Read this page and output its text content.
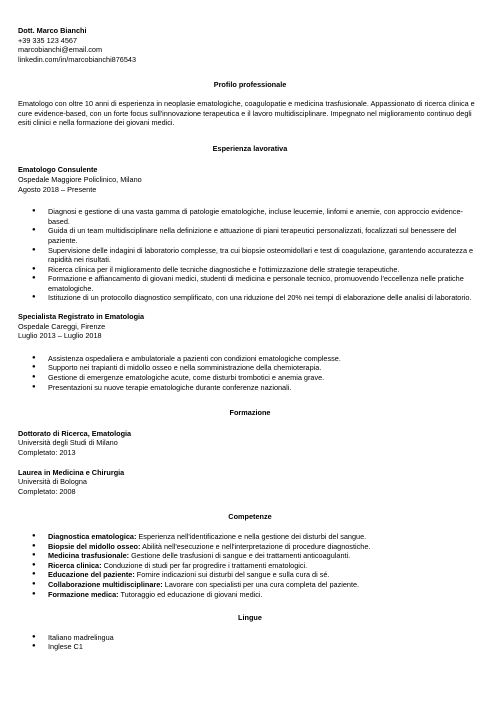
Dott. Marco Bianchi

+39 335 123 4567

marcobianchi@email.com

linkedin.com/in/marcobianchi876543

Profilo professionale

Ematologo con oltre 10 anni di esperienza in neoplasie ematologiche, coagulopatie e medicina trasfusionale. Appassionato di ricerca clinica e cure evidence-based, con un forte focus sull'innovazione terapeutica e il lavoro multidisciplinare. Impegnato nel miglioramento continuo degli esiti clinici e nella formazione dei giovani medici.

Esperienza lavorativa

Ematologo Consulente

Ospedale Maggiore Policlinico, Milano

Agosto 2018 – Presente

● Diagnosi e gestione di una vasta gamma di patologie ematologiche, incluse leucemie, linfomi e anemie, con approccio evidence-based.
● Guida di un team multidisciplinare nella definizione e attuazione di piani terapeutici personalizzati, focalizzati sul benessere del paziente.
● Supervisione delle indagini di laboratorio complesse, tra cui biopsie osteomidollari e test di coagulazione, garantendo accuratezza e rapidità nei risultati.
● Ricerca clinica per il miglioramento delle tecniche diagnostiche e l'ottimizzazione delle strategie terapeutiche.
● Formazione e affiancamento di giovani medici, studenti di medicina e personale tecnico, promuovendo l'eccellenza nelle pratiche ematologiche.
● Istituzione di un protocollo diagnostico semplificato, con una riduzione del 20% nei tempi di elaborazione delle analisi di laboratorio.

Specialista Registrato in Ematologia

Ospedale Careggi, Firenze

Luglio 2013 – Luglio 2018

● Assistenza ospedaliera e ambulatoriale a pazienti con condizioni ematologiche complesse.
● Supporto nei trapianti di midollo osseo e nella somministrazione della chemioterapia.
● Gestione di emergenze ematologiche acute, come disturbi trombotici e anemia grave.
● Presentazioni su nuove terapie ematologiche durante conferenze nazionali.

Formazione

Dottorato di Ricerca, Ematologia

Università degli Studi di Milano

Completato: 2013

Laurea in Medicina e Chirurgia

Università di Bologna

Completato: 2008

Competenze

● Diagnostica ematologica: Esperienza nell'identificazione e nella gestione dei disturbi del sangue.
● Biopsie del midollo osseo: Abilità nell'esecuzione e nell'interpretazione di procedure diagnostiche.
● Medicina trasfusionale: Gestione delle trasfusioni di sangue e dei trattamenti anticoagulanti.
● Ricerca clinica: Conduzione di studi per far progredire i trattamenti ematologici.
● Educazione del paziente: Fornire indicazioni sui disturbi del sangue e sulla cura di sé.
● Collaborazione multidisciplinare: Lavorare con specialisti per una cura completa del paziente.
● Formazione medica: Tutoraggio ed educazione di giovani medici.

Lingue

● Italiano madrelingua
● Inglese C1
